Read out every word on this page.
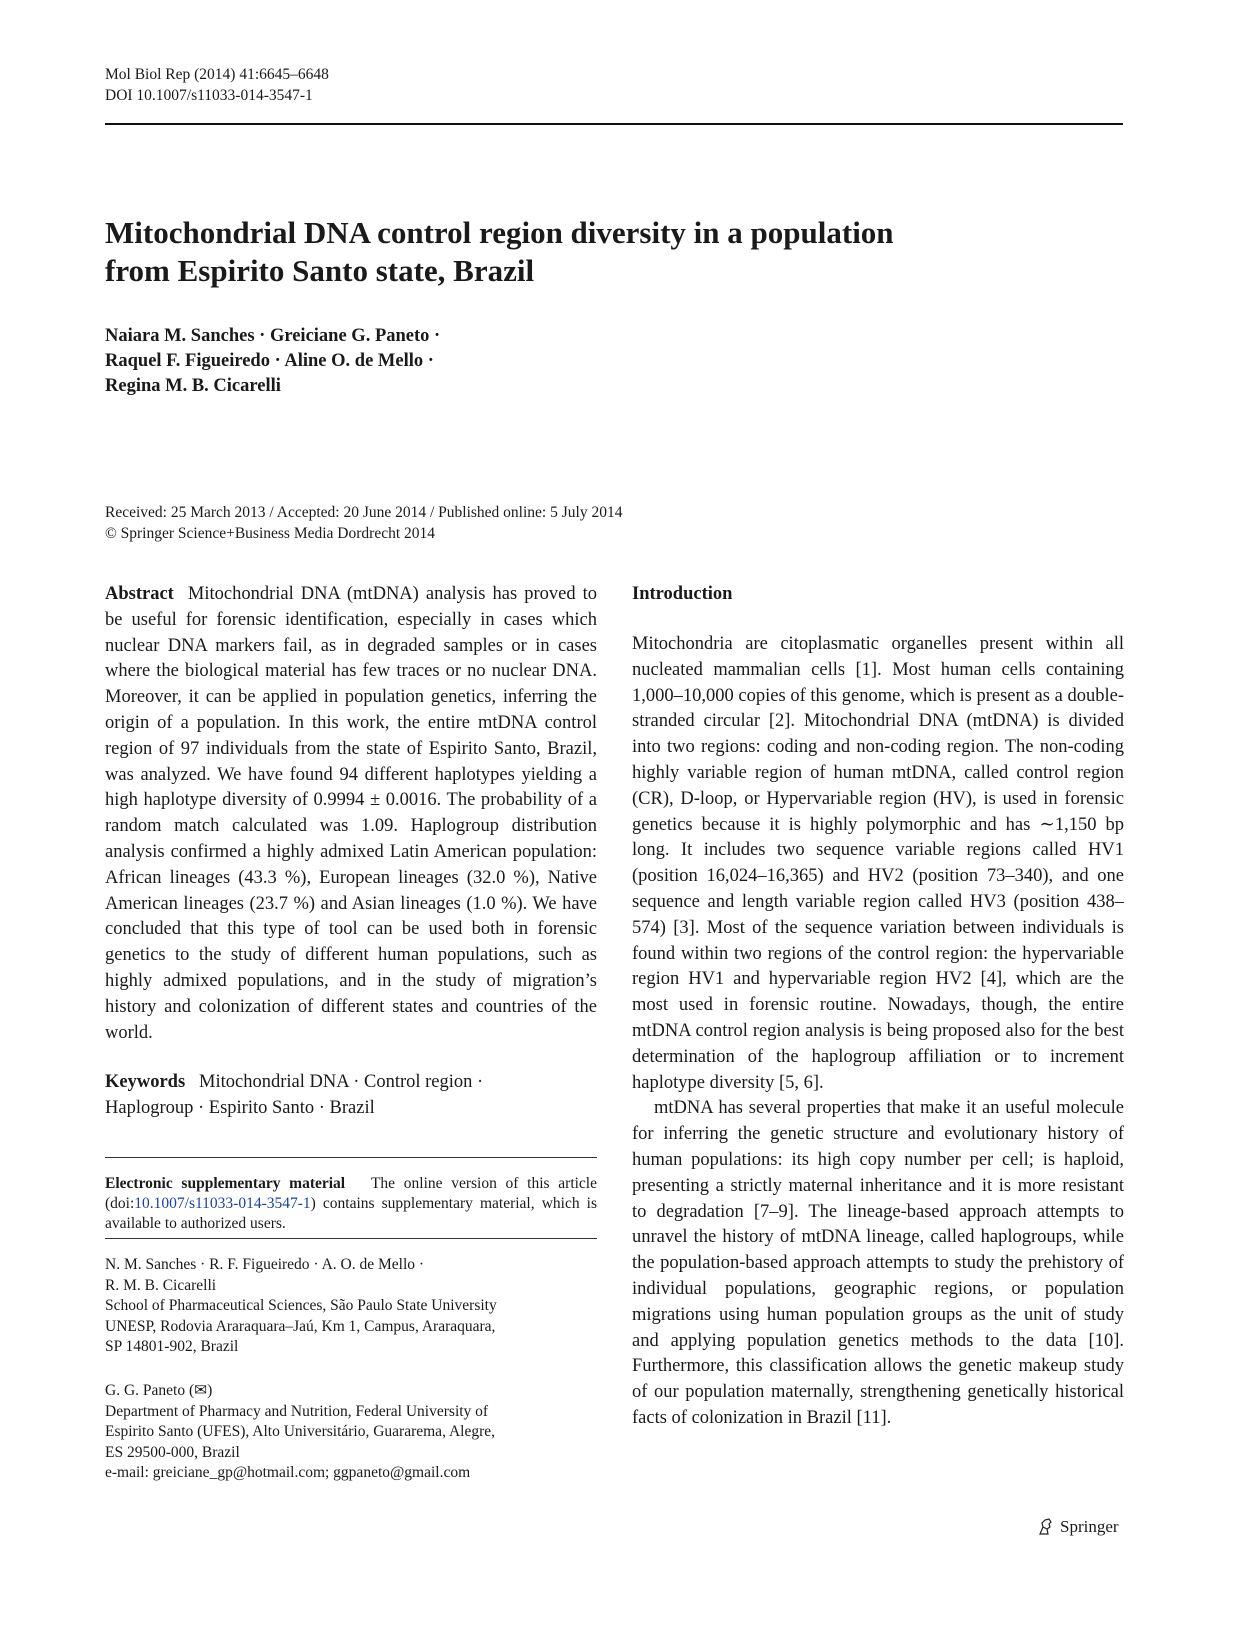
Mol Biol Rep (2014) 41:6645–6648
DOI 10.1007/s11033-014-3547-1
Mitochondrial DNA control region diversity in a population
from Espirito Santo state, Brazil
Naiara M. Sanches · Greiciane G. Paneto ·
Raquel F. Figueiredo · Aline O. de Mello ·
Regina M. B. Cicarelli
Received: 25 March 2013 / Accepted: 20 June 2014 / Published online: 5 July 2014
© Springer Science+Business Media Dordrecht 2014
Abstract Mitochondrial DNA (mtDNA) analysis has proved to be useful for forensic identification, especially in cases which nuclear DNA markers fail, as in degraded samples or in cases where the biological material has few traces or no nuclear DNA. Moreover, it can be applied in population genetics, inferring the origin of a population. In this work, the entire mtDNA control region of 97 individuals from the state of Espirito Santo, Brazil, was analyzed. We have found 94 different haplotypes yielding a high haplotype diversity of 0.9994 ± 0.0016. The probability of a random match calculated was 1.09. Haplogroup distribution analysis confirmed a highly admixed Latin American population: African lineages (43.3 %), European lineages (32.0 %), Native American lineages (23.7 %) and Asian lineages (1.0 %). We have concluded that this type of tool can be used both in forensic genetics to the study of different human populations, such as highly admixed populations, and in the study of migration’s history and colonization of different states and countries of the world.
Keywords Mitochondrial DNA · Control region ·
Haplogroup · Espirito Santo · Brazil
Electronic supplementary material The online version of this article (doi:10.1007/s11033-014-3547-1) contains supplementary material, which is available to authorized users.
N. M. Sanches · R. F. Figueiredo · A. O. de Mello ·
R. M. B. Cicarelli
School of Pharmaceutical Sciences, São Paulo State University
UNESP, Rodovia Araraquara–Jaú, Km 1, Campus, Araraquara,
SP 14801-902, Brazil
G. G. Paneto (✉)
Department of Pharmacy and Nutrition, Federal University of
Espirito Santo (UFES), Alto Universitário, Guararema, Alegre,
ES 29500-000, Brazil
e-mail: greiciane_gp@hotmail.com; ggpaneto@gmail.com
Introduction

Mitochondria are citoplasmatic organelles present within all nucleated mammalian cells [1]. Most human cells containing 1,000–10,000 copies of this genome, which is present as a double-stranded circular [2]. Mitochondrial DNA (mtDNA) is divided into two regions: coding and non-coding region. The non-coding highly variable region of human mtDNA, called control region (CR), D-loop, or Hypervariable region (HV), is used in forensic genetics because it is highly polymorphic and has ∼1,150 bp long. It includes two sequence variable regions called HV1 (position 16,024–16,365) and HV2 (position 73–340), and one sequence and length variable region called HV3 (position 438–574) [3]. Most of the sequence variation between individuals is found within two regions of the control region: the hypervariable region HV1 and hypervariable region HV2 [4], which are the most used in forensic routine. Nowadays, though, the entire mtDNA control region analysis is being proposed also for the best determination of the haplogroup affiliation or to increment haplotype diversity [5, 6].

mtDNA has several properties that make it an useful molecule for inferring the genetic structure and evolutionary history of human populations: its high copy number per cell; is haploid, presenting a strictly maternal inheritance and it is more resistant to degradation [7–9]. The lineage-based approach attempts to unravel the history of mtDNA lineage, called haplogroups, while the population-based approach attempts to study the prehistory of individual populations, geographic regions, or population migrations using human population groups as the unit of study and applying population genetics methods to the data [10]. Furthermore, this classification allows the genetic makeup study of our population maternally, strengthening genetically historical facts of colonization in Brazil [11].

Springer
